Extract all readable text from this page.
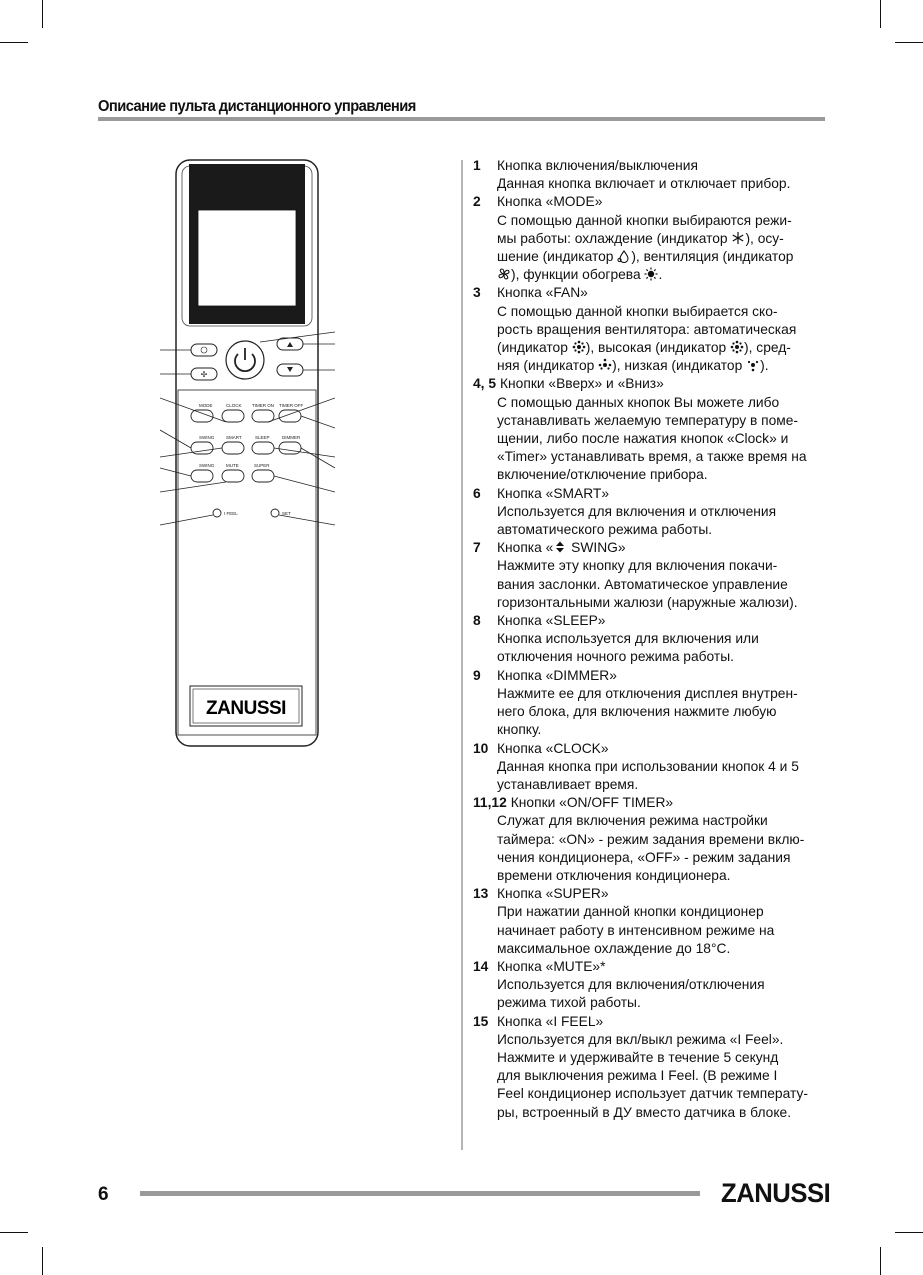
Описание пульта дистанционного управления
✢
MODE	CLOCK TIMER ON TIMER OFF
SWING	SMART	SLEEP	DIMMER
SWING	MUTE	SUPER
I FEEL	SET
ZANUSSI
1 Кнопка включения/выключения
Данная кнопка включает и отключает прибор.
2 Кнопка «MODE»
С помощью данной кнопки выбираются режи-
мы работы: охлаждение (индикатор ), осу-
шение (индикатор ), вентиляция (индикатор
), функции обогрева .
3 Кнопка «FAN»
С помощью данной кнопки выбирается ско-
рость вращения вентилятора: автоматическая
(индикатор ), высокая (индикатор ), сред-
няя (индикатор ), низкая (индикатор ).
4, 5 Кнопки «Вверх» и «Вниз»
С помощью данных кнопок Вы можете либо
устанавливать желаемую температуру в поме-
щении, либо после нажатия кнопок «Clock» и
«Timer» устанавливать время, а также время на
включение/отключение прибора.
6 Кнопка «SMART»
Используется для включения и отключения
автоматического режима работы.
7 Кнопка « SWING»
Нажмите эту кнопку для включения покачи-
вания заслонки. Автоматическое управление
горизонтальными жалюзи (наружные жалюзи).
8 Кнопка «SLEEP»
Кнопка используется для включения или
отключения ночного режима работы.
9 Кнопка «DIMMER»
Нажмите ее для отключения дисплея внутрен-
него блока, для включения нажмите любую
кнопку.
10 Кнопка «CLOCK»
Данная кнопка при использовании кнопок 4 и 5
устанавливает время.
11,12 Кнопки «ON/OFF TIMER»
Служат для включения режима настройки
таймера: «ON» - режим задания времени вклю-
чения кондиционера, «OFF» - режим задания
времени отключения кондиционера.
13 Кнопка «SUPER»
При нажатии данной кнопки кондиционер
начинает работу в интенсивном режиме на
максимальное охлаждение до 18°C.
14 Кнопка «MUTE»*
Используется для включения/отключения
режима тихой работы.
15 Кнопка «I FEEL»
Используется для вкл/выкл режима «I Feel».
Нажмите и удерживайте в течение 5 секунд
для выключения режима I Feel. (В режиме I
Feel кондиционер использует датчик температу-
ры, встроенный в ДУ вместо датчика в блоке.
6	ZANUSSI
